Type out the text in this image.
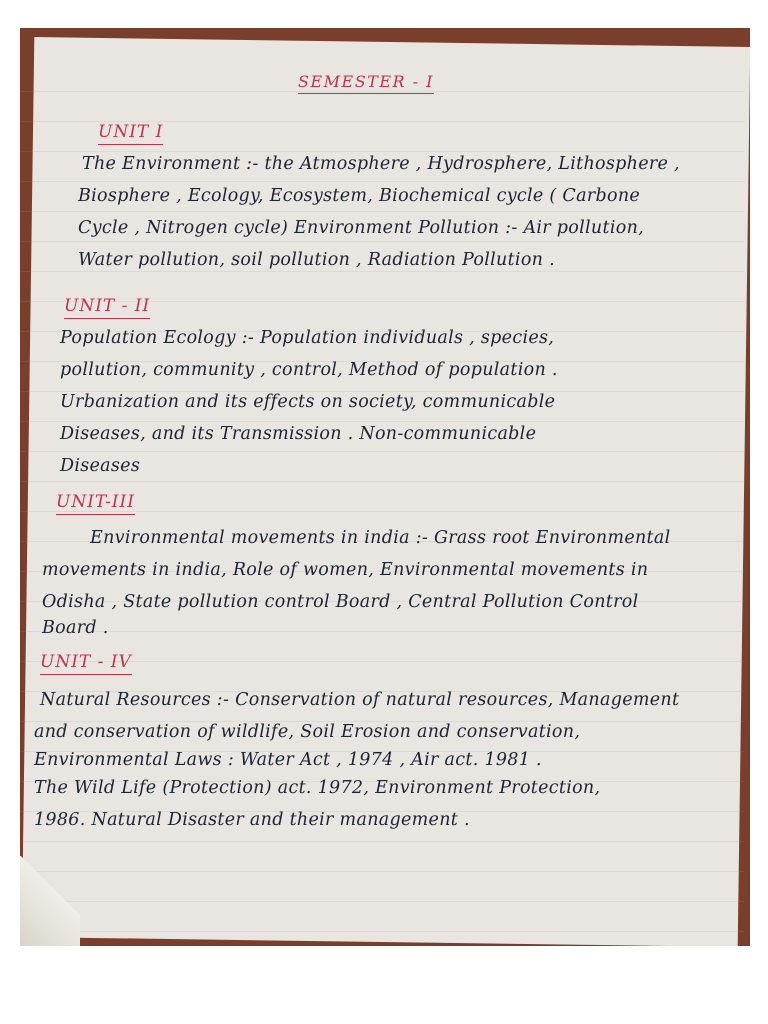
SEMESTER - I
UNIT I
The Environment :- the Atmosphere , Hydrosphere, Lithosphere ,
Biosphere , Ecology, Ecosystem, Biochemical cycle ( Carbone
Cycle , Nitrogen cycle) Environment Pollution :- Air pollution,
Water pollution, soil pollution , Radiation Pollution .
UNIT - II
Population Ecology :- Population individuals , species,
pollution, community , control, Method of population .
Urbanization and its effects on society, communicable
Diseases, and its Transmission . Non-communicable
Diseases
UNIT-III
Environmental movements in india :- Grass root Environmental
movements in india, Role of women, Environmental movements in
Odisha , State pollution control Board , Central Pollution Control
Board .
UNIT - IV
Natural Resources :- Conservation of natural resources, Management
and conservation of wildlife, Soil Erosion and conservation,
Environmental Laws : Water Act , 1974 , Air act. 1981 .
The Wild Life (Protection) act. 1972, Environment Protection,
1986. Natural Disaster and their management .
